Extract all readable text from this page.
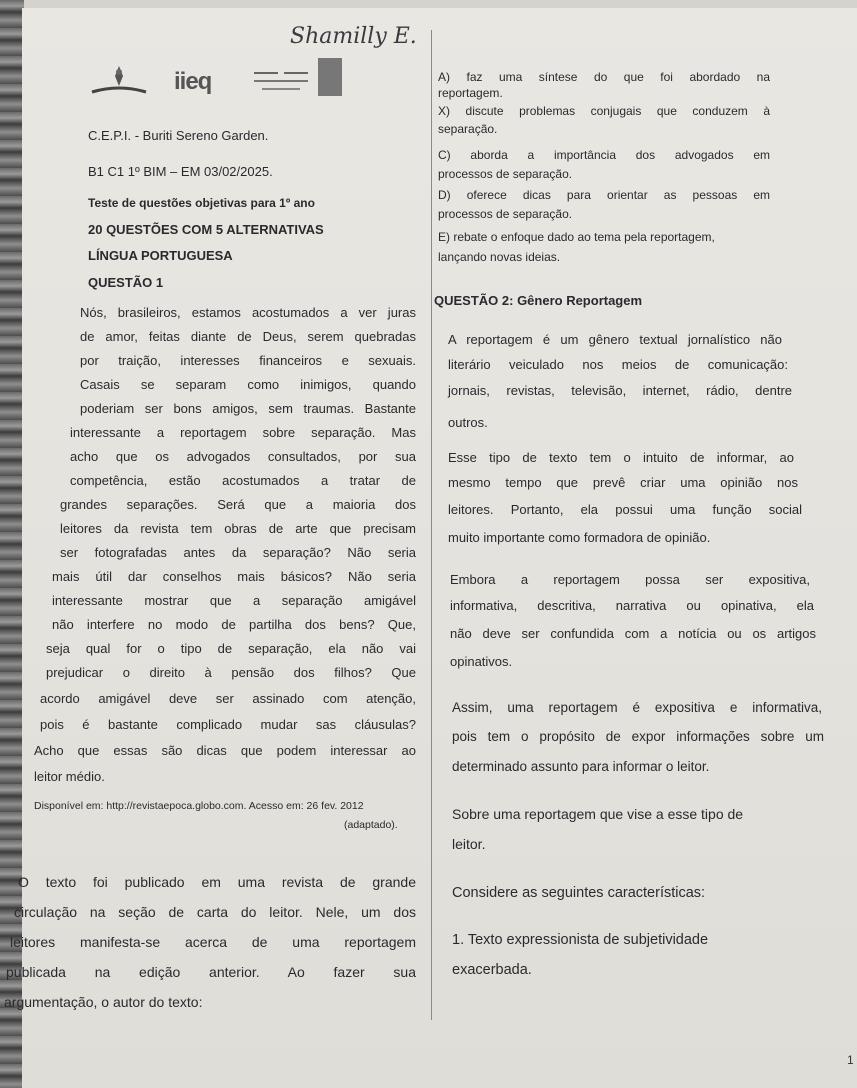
Shamilly E.
iieq

C.E.P.I. - Buriti Sereno Garden.

B1 C1 1º BIM – EM 03/02/2025.

Teste de questões objetivas para 1º ano

20 QUESTÕES COM 5 ALTERNATIVAS

LÍNGUA PORTUGUESA

QUESTÃO 1

Nós, brasileiros, estamos acostumados a ver juras

de amor, feitas diante de Deus, serem quebradas

por traição, interesses financeiros e sexuais.

Casais se separam como inimigos, quando

poderiam ser bons amigos, sem traumas. Bastante

interessante a reportagem sobre separação. Mas

acho que os advogados consultados, por sua

competência, estão acostumados a tratar de

grandes separações. Será que a maioria dos

leitores da revista tem obras de arte que precisam

ser fotografadas antes da separação? Não seria

mais útil dar conselhos mais básicos? Não seria

interessante mostrar que a separação amigável

não interfere no modo de partilha dos bens? Que,

seja qual for o tipo de separação, ela não vai

prejudicar o direito à pensão dos filhos? Que

acordo amigável deve ser assinado com atenção,

pois é bastante complicado mudar sas cláusulas?

Acho que essas são dicas que podem interessar ao

leitor médio.

Disponível em: http://revistaepoca.globo.com. Acesso em: 26 fev. 2012

(adaptado).

O texto foi publicado em uma revista de grande

circulação na seção de carta do leitor. Nele, um dos

leitores manifesta-se acerca de uma reportagem

publicada na edição anterior. Ao fazer sua

argumentação, o autor do texto:

A) faz uma síntese do que foi abordado na

reportagem.

X) discute problemas conjugais que conduzem à

separação.

C) aborda a importância dos advogados em

processos de separação.

D) oferece dicas para orientar as pessoas em

processos de separação.

E) rebate o enfoque dado ao tema pela reportagem,

lançando novas ideias.

QUESTÃO 2: Gênero Reportagem

A reportagem é um gênero textual jornalístico não

literário veiculado nos meios de comunicação:

jornais, revistas, televisão, internet, rádio, dentre

outros.

Esse tipo de texto tem o intuito de informar, ao

mesmo tempo que prevê criar uma opinião nos

leitores. Portanto, ela possui uma função social

muito importante como formadora de opinião.

Embora a reportagem possa ser expositiva,

informativa, descritiva, narrativa ou opinativa, ela

não deve ser confundida com a notícia ou os artigos

opinativos.

Assim, uma reportagem é expositiva e informativa,

pois tem o propósito de expor informações sobre um

determinado assunto para informar o leitor.

Sobre uma reportagem que vise a esse tipo de

leitor.

Considere as seguintes características:

1. Texto expressionista de subjetividade

exacerbada.

1
